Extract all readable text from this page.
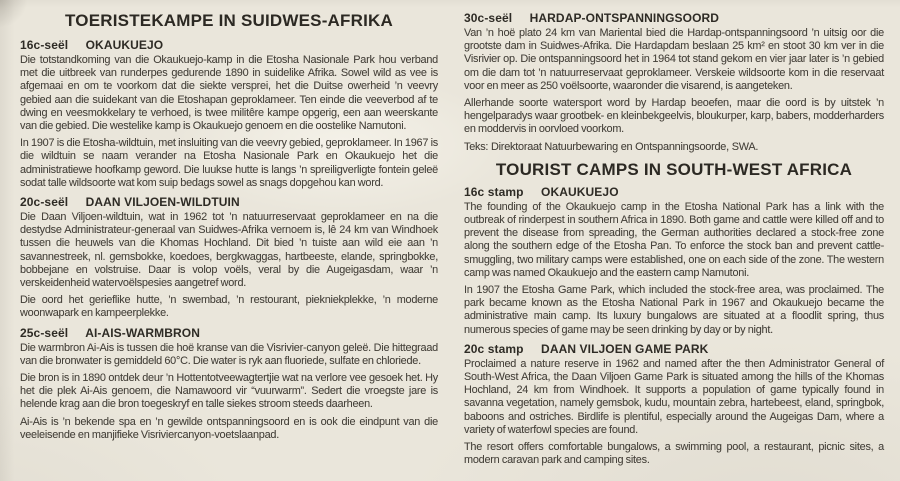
TOERISTEKAMPE IN SUIDWES-AFRIKA
16c-seël OKAUKUEJO

Die totstandkoming van die Okaukuejo-kamp in die Etosha Nasionale Park hou verband met die uitbreek van runderpes gedurende 1890 in suidelike Afrika. Sowel wild as vee is afgemaai en om te voorkom dat die siekte versprei, het die Duitse owerheid ’n veevry gebied aan die suidekant van die Etoshapan geproklameer. Ten einde die veeverbod af te dwing en veesmokkelary te verhoed, is twee militêre kampe opgerig, een aan weerskante van die gebied. Die westelike kamp is Okaukuejo genoem en die oostelike Namutoni.

In 1907 is die Etosha-wildtuin, met insluiting van die veevry gebied, geproklameer. In 1967 is die wildtuin se naam verander na Etosha Nasionale Park en Okaukuejo het die administratiewe hoofkamp geword. Die luukse hutte is langs ’n spreiligverligte fontein geleë sodat talle wildsoorte wat kom suip bedags sowel as snags dopgehou kan word.

20c-seël DAAN VILJOEN-WILDTUIN

Die Daan Viljoen-wildtuin, wat in 1962 tot ’n natuurreservaat geproklameer en na die destydse Administrateur-generaal van Suidwes-Afrika vernoem is, lê 24 km van Windhoek tussen die heuwels van die Khomas Hochland. Dit bied ’n tuiste aan wild eie aan ’n savannestreek, nl. gemsbokke, koedoes, bergkwaggas, hartbeeste, elande, springbokke, bobbejane en volstruise. Daar is volop voëls, veral by die Augeigasdam, waar ’n verskeidenheid watervoëlspesies aangetref word.

Die oord het gerieflike hutte, ’n swembad, ’n restourant, piekniekplekke, ’n moderne woonwapark en kampeerplekke.

25c-seël AI-AIS-WARMBRON

Die warmbron Ai-Ais is tussen die hoë kranse van die Visrivier-canyon geleë. Die hittegraad van die bronwater is gemiddeld 60°C. Die water is ryk aan fluoriede, sulfate en chloriede.

Die bron is in 1890 ontdek deur ’n Hottentotveewagtertjie wat na verlore vee gesoek het. Hy het die plek Ai-Ais genoem, die Namawoord vir “vuurwarm”. Sedert die vroegste jare is helende krag aan die bron toegeskryf en talle siekes stroom steeds daarheen.

Ai-Ais is ’n bekende spa en ’n gewilde ontspanningsoord en is ook die eindpunt van die veeleisende en manjifieke Visriviercanyon-voetslaanpad.

30c-seël HARDAP-ONTSPANNINGSOORD

Van ’n hoë plato 24 km van Mariental bied die Hardap-ontspanningsoord ’n uitsig oor die grootste dam in Suidwes-Afrika. Die Hardapdam beslaan 25 km² en stoot 30 km ver in die Visrivier op. Die ontspanningsoord het in 1964 tot stand gekom en vier jaar later is ’n gebied om die dam tot ’n natuurreservaat geproklameer. Verskeie wildsoorte kom in die reservaat voor en meer as 250 voëlsoorte, waaronder die visarend, is aangeteken.

Allerhande soorte watersport word by Hardap beoefen, maar die oord is by uitstek ’n hengelparadys waar grootbek- en kleinbekgeelvis, bloukurper, karp, babers, modderharders en moddervis in oorvloed voorkom.

Teks: Direktoraat Natuurbewaring en Ontspanningsoorde, SWA.

TOURIST CAMPS IN SOUTH-WEST AFRICA
16c stamp OKAUKUEJO

The founding of the Okaukuejo camp in the Etosha National Park has a link with the outbreak of rinderpest in southern Africa in 1890. Both game and cattle were killed off and to prevent the disease from spreading, the German authorities declared a stock-free zone along the southern edge of the Etosha Pan. To enforce the stock ban and prevent cattle-smuggling, two military camps were established, one on each side of the zone. The western camp was named Okaukuejo and the eastern camp Namutoni.

In 1907 the Etosha Game Park, which included the stock-free area, was proclaimed. The park became known as the Etosha National Park in 1967 and Okaukuejo became the administrative main camp. Its luxury bungalows are situated at a floodlit spring, thus numerous species of game may be seen drinking by day or by night.

20c stamp DAAN VILJOEN GAME PARK

Proclaimed a nature reserve in 1962 and named after the then Administrator General of South-West Africa, the Daan Viljoen Game Park is situated among the hills of the Khomas Hochland, 24 km from Windhoek. It supports a population of game typically found in savanna vegetation, namely gemsbok, kudu, mountain zebra, hartebeest, eland, springbok, baboons and ostriches. Birdlife is plentiful, especially around the Augeigas Dam, where a variety of waterfowl species are found.

The resort offers comfortable bungalows, a swimming pool, a restaurant, picnic sites, a modern caravan park and camping sites.
